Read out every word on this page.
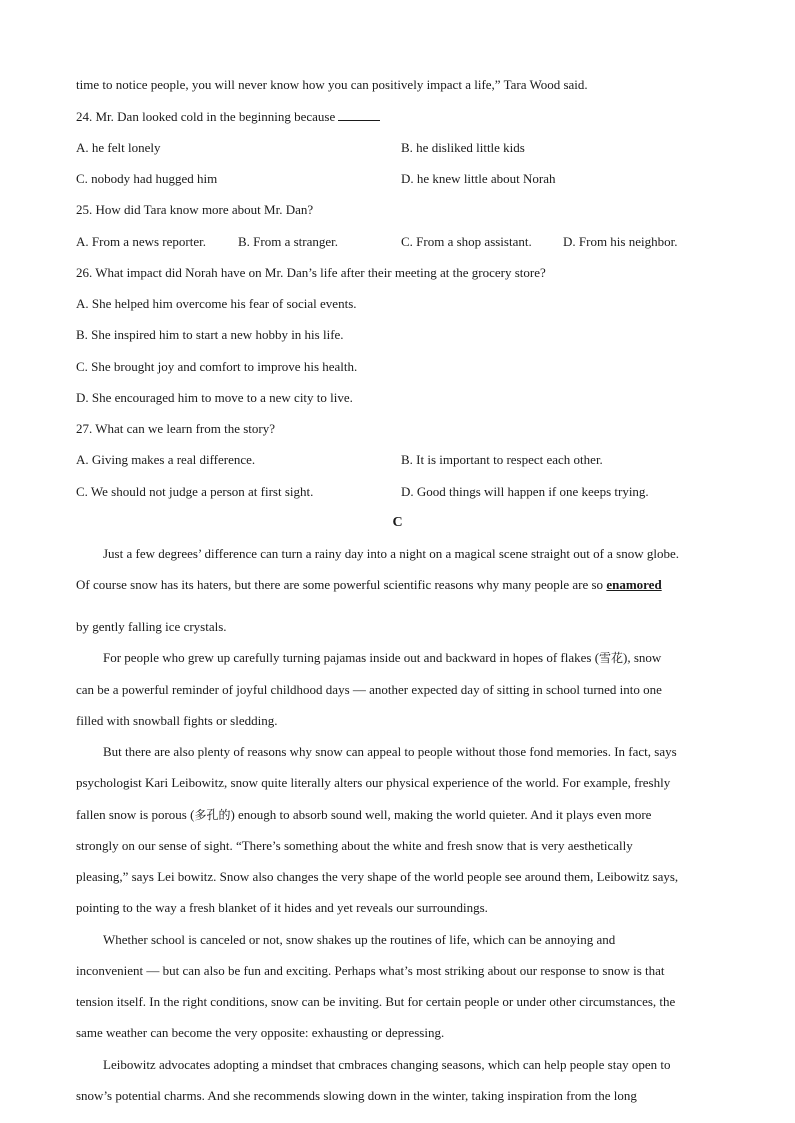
time to notice people, you will never know how you can positively impact a life,” Tara Wood said.
24. Mr. Dan looked cold in the beginning because
A. he felt lonely	B. he disliked little kids
C. nobody had hugged him	D. he knew little about Norah
25. How did Tara know more about Mr. Dan?
A. From a news reporter. B. From a stranger.	C. From a shop assistant. D. From his neighbor.
26. What impact did Norah have on Mr. Dan’s life after their meeting at the grocery store?
A. She helped him overcome his fear of social events.
B. She inspired him to start a new hobby in his life.
C. She brought joy and comfort to improve his health.
D. She encouraged him to move to a new city to live.
27. What can we learn from the story?
A. Giving makes a real difference.	B. It is important to respect each other.
C. We should not judge a person at first sight.	D. Good things will happen if one keeps trying.
C
Just a few degrees’ difference can turn a rainy day into a night on a magical scene straight out of a snow globe.
Of course snow has its haters, but there are some powerful scientific reasons why many people are so enamored
by gently falling ice crystals.
For people who grew up carefully turning pajamas inside out and backward in hopes of flakes (雪花), snow
can be a powerful reminder of joyful childhood days — another expected day of sitting in school turned into one
filled with snowball fights or sledding.
But there are also plenty of reasons why snow can appeal to people without those fond memories. In fact, says
psychologist Kari Leibowitz, snow quite literally alters our physical experience of the world. For example, freshly
fallen snow is porous (多孔的) enough to absorb sound well, making the world quieter. And it plays even more
strongly on our sense of sight. “There’s something about the white and fresh snow that is very aesthetically
pleasing,” says Lei bowitz. Snow also changes the very shape of the world people see around them, Leibowitz says,
pointing to the way a fresh blanket of it hides and yet reveals our surroundings.
Whether school is canceled or not, snow shakes up the routines of life, which can be annoying and
inconvenient — but can also be fun and exciting. Perhaps what’s most striking about our response to snow is that
tension itself. In the right conditions, snow can be inviting. But for certain people or under other circumstances, the
same weather can become the very opposite: exhausting or depressing.
Leibowitz advocates adopting a mindset that cmbraces changing seasons, which can help people stay open to
snow’s potential charms. And she recommends slowing down in the winter, taking inspiration from the long
